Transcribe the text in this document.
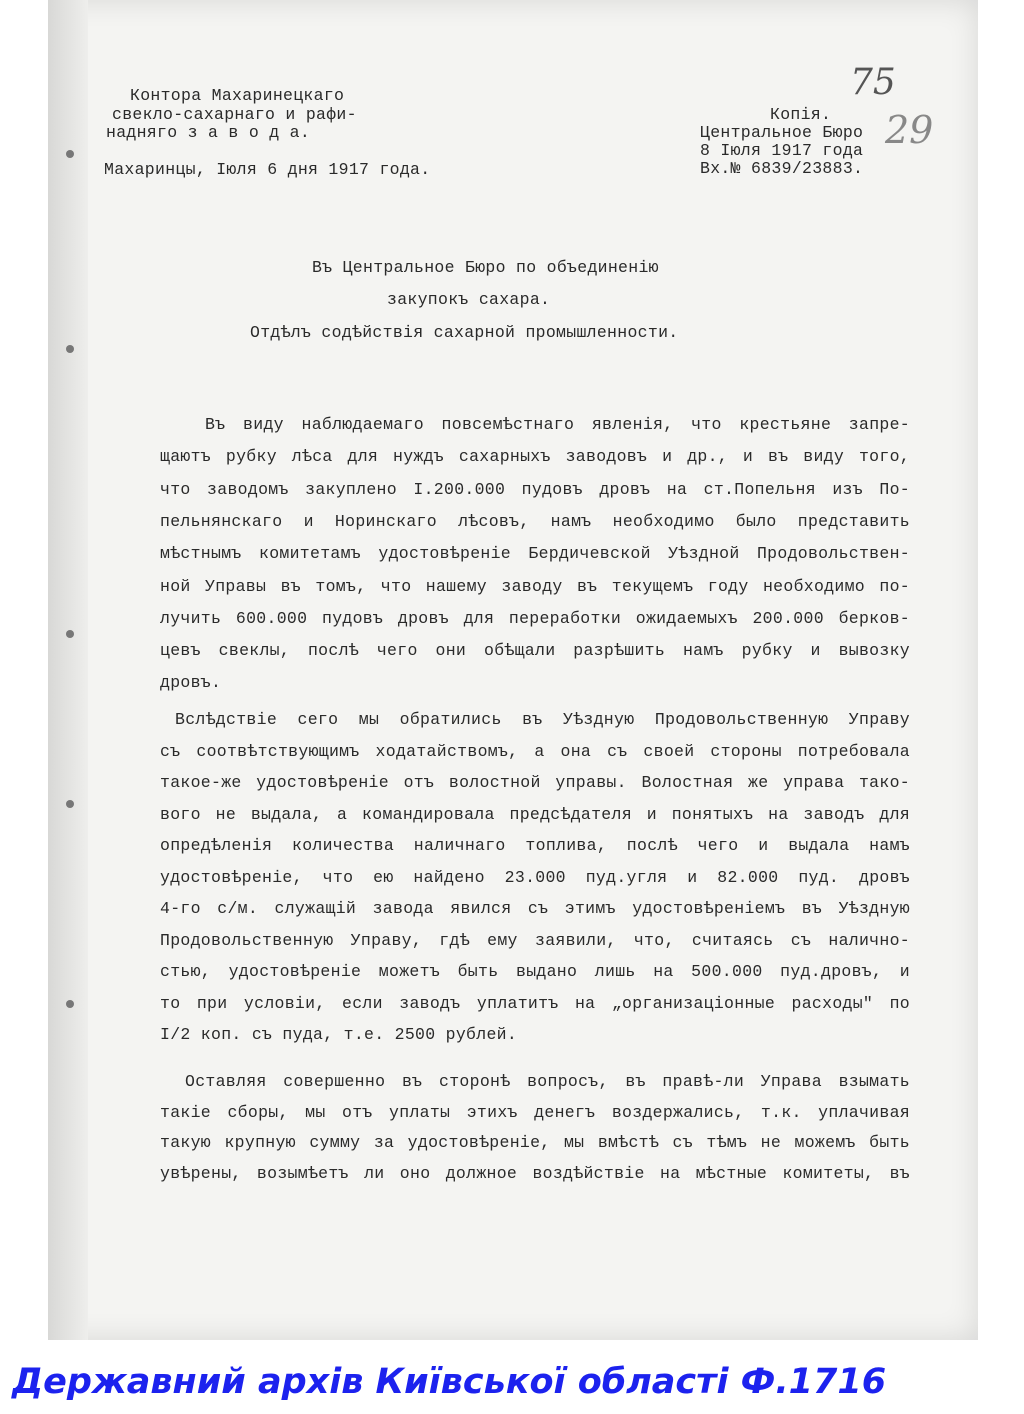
Контора Махаринецкаго
свекло-сахарнаго и рафи-
надняго з а в о д а.
Махаринцы, Іюля 6 дня 1917 года.
Копія.
Центральное Бюро
8 Іюля 1917 года
Вх.№ 6839/23883.
75
29
Въ Центральное Бюро по объединенію
закупокъ сахара.
Отдѣлъ содѣйствія сахарной промышленности.
Въ виду наблюдаемаго повсемѣстнаго явленія, что крестьяне запре-
щаютъ рубку лѣса для нуждъ сахарныхъ заводовъ и др., и въ виду того,
что заводомъ закуплено І.200.000 пудовъ дровъ на ст.Попельня изъ По-
пельнянскаго и Норинскаго лѣсовъ, намъ необходимо было представить
мѣстнымъ комитетамъ удостовѣреніе Бердичевской Уѣздной Продовольствен-
ной Управы въ томъ, что нашему заводу въ текущемъ году необходимо по-
лучить 600.000 пудовъ дровъ для переработки ожидаемыхъ 200.000 берков-
цевъ свеклы, послѣ чего они обѣщали разрѣшить намъ рубку и вывозку
дровъ.
Вслѣдствіе сего мы обратились въ Уѣздную Продовольственную Управу
съ соотвѣтствующимъ ходатайствомъ, а она съ своей стороны потребовала
такое-же удостовѣреніе отъ волостной управы. Волостная же управа тако-
вого не выдала, а командировала предсѣдателя и понятыхъ на заводъ для
опредѣленія количества наличнаго топлива, послѣ чего и выдала намъ
удостовѣреніе, что ею найдено 23.000 пуд.угля и 82.000 пуд. дровъ
4-го с/м. служащій завода явился съ этимъ удостовѣреніемъ въ Уѣздную
Продовольственную Управу, гдѣ ему заявили, что, считаясь съ налично-
стью, удостовѣреніе можетъ быть выдано лишь на 500.000 пуд.дровъ, и
то при условіи, если заводъ уплатитъ на „организаціонные расходы" по
І/2 коп. съ пуда, т.е. 2500 рублей.
Оставляя совершенно въ сторонѣ вопросъ, въ правѣ-ли Управа взымать
такіе сборы, мы отъ уплаты этихъ денегъ воздержались, т.к. уплачивая
такую крупную сумму за удостовѣреніе, мы вмѣстѣ съ тѣмъ не можемъ быть
увѣрены, возымѣетъ ли оно должное воздѣйствіе на мѣстные комитеты, въ
Державний архів Київської області Ф.1716
